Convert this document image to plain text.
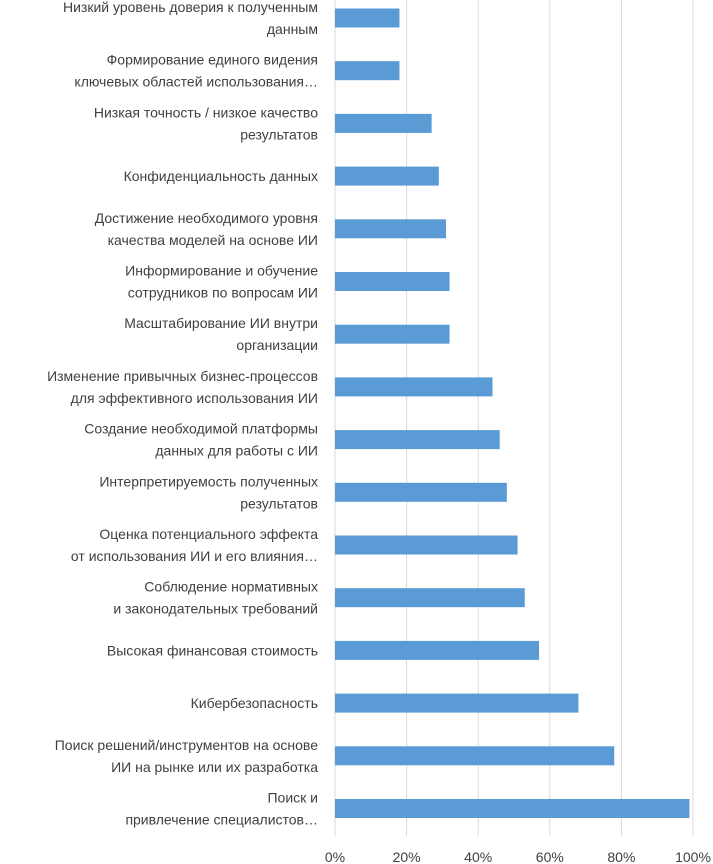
Низкий уровень доверия к полученным данным
Формирование единого видения ключевых областей использования…
Низкая точность / низкое качество результатов
Конфиденциальность данных
Достижение необходимого уровня качества моделей на основе ИИ
Информирование и обучение сотрудников по вопросам ИИ
Масштабирование ИИ внутри организации
Изменение привычных бизнес-процессов для эффективного использования ИИ
Создание необходимой платформы данных для работы с ИИ
Интерпретируемость полученных результатов
Оценка потенциального эффекта от использования ИИ и его влияния…
Соблюдение нормативных и законодательных требований
Высокая финансовая стоимость
Кибербезопасность
Поиск решений/инструментов на основе ИИ на рынке или их разработка
Поиск и привлечение специалистов…
0%	20%	40%	60%	80%	100%
